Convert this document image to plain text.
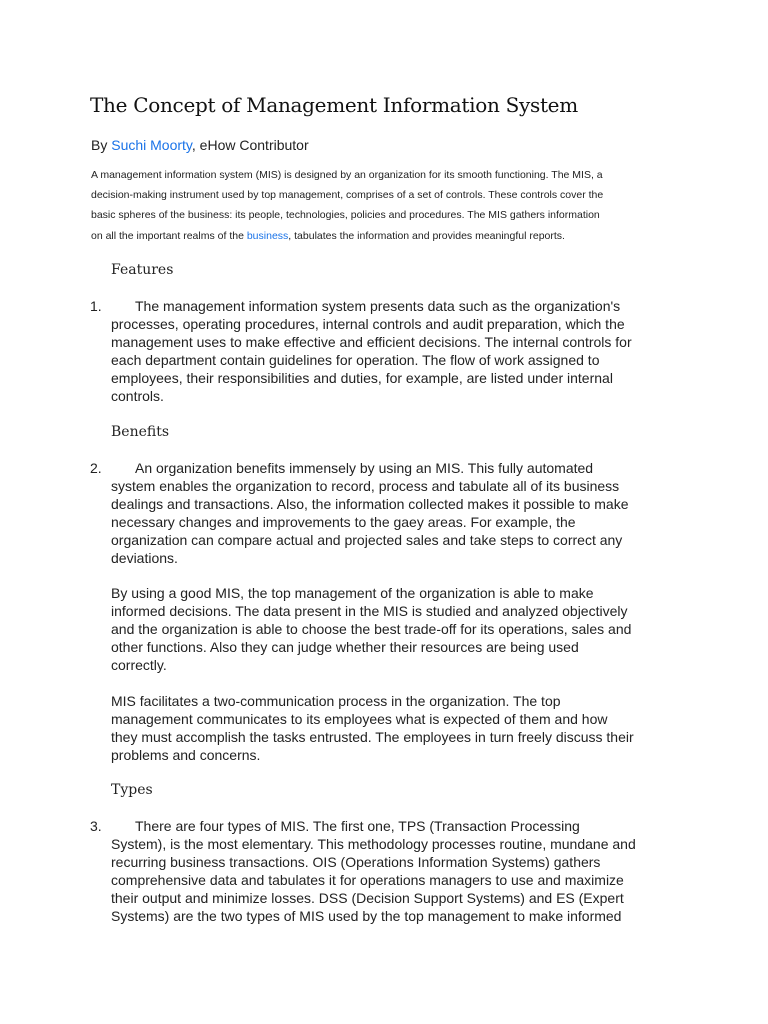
The Concept of Management Information System
By Suchi Moorty, eHow Contributor
A management information system (MIS) is designed by an organization for its smooth functioning. The MIS, a
decision-making instrument used by top management, comprises of a set of controls. These controls cover the
basic spheres of the business: its people, technologies, policies and procedures. The MIS gathers information
on all the important realms of the business, tabulates the information and provides meaningful reports.
Features
1. The management information system presents data such as the organization's
processes, operating procedures, internal controls and audit preparation, which the
management uses to make effective and efficient decisions. The internal controls for
each department contain guidelines for operation. The flow of work assigned to
employees, their responsibilities and duties, for example, are listed under internal
controls.
Benefits
2. An organization benefits immensely by using an MIS. This fully automated
system enables the organization to record, process and tabulate all of its business
dealings and transactions. Also, the information collected makes it possible to make
necessary changes and improvements to the gaey areas. For example, the
organization can compare actual and projected sales and take steps to correct any
deviations.
By using a good MIS, the top management of the organization is able to make
informed decisions. The data present in the MIS is studied and analyzed objectively
and the organization is able to choose the best trade-off for its operations, sales and
other functions. Also they can judge whether their resources are being used
correctly.
MIS facilitates a two-communication process in the organization. The top
management communicates to its employees what is expected of them and how
they must accomplish the tasks entrusted. The employees in turn freely discuss their
problems and concerns.
Types
3. There are four types of MIS. The first one, TPS (Transaction Processing
System), is the most elementary. This methodology processes routine, mundane and
recurring business transactions. OIS (Operations Information Systems) gathers
comprehensive data and tabulates it for operations managers to use and maximize
their output and minimize losses. DSS (Decision Support Systems) and ES (Expert
Systems) are the two types of MIS used by the top management to make informed
